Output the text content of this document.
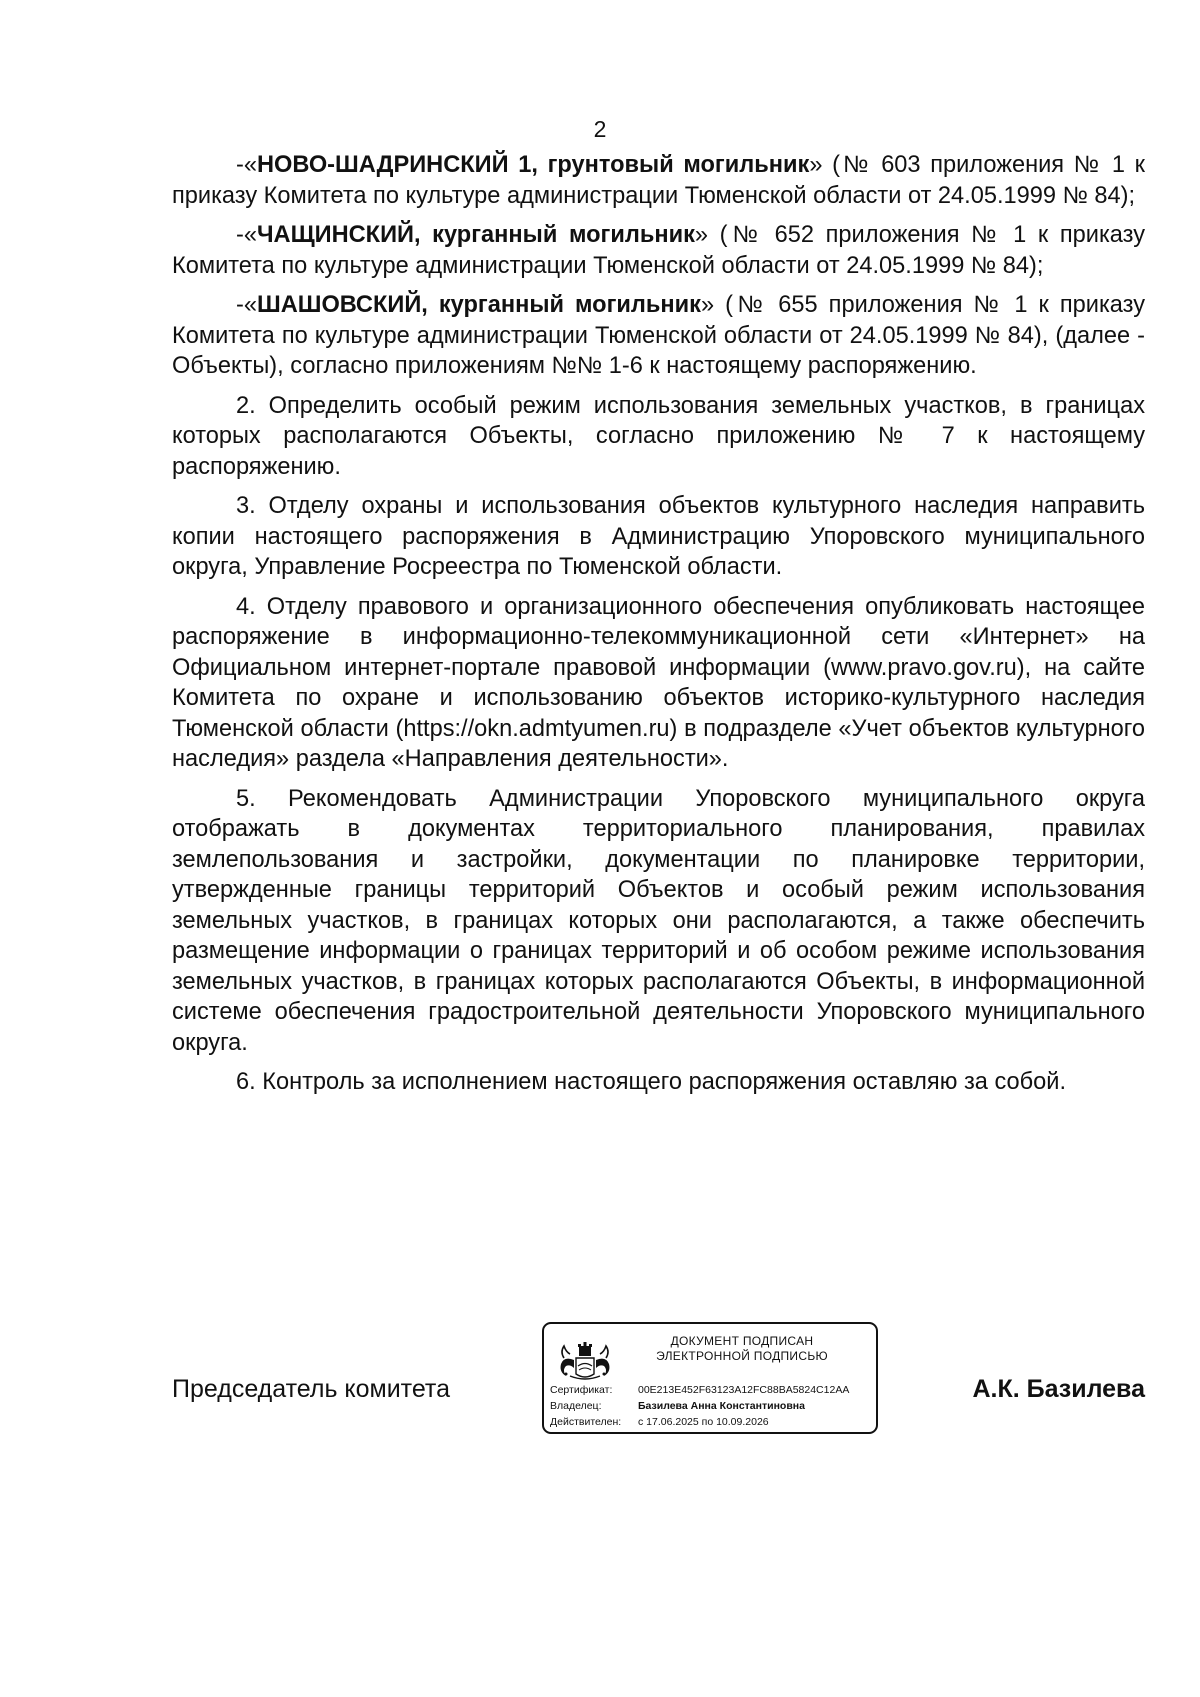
2

-«НОВО-ШАДРИНСКИЙ 1, грунтовый могильник» (№ 603 приложения № 1 к приказу Комитета по культуре администрации Тюменской области от 24.05.1999 № 84);

-«ЧАЩИНСКИЙ, курганный могильник» (№ 652 приложения № 1 к приказу Комитета по культуре администрации Тюменской области от 24.05.1999 № 84);

-«ШАШОВСКИЙ, курганный могильник» (№ 655 приложения № 1 к приказу Комитета по культуре администрации Тюменской области от 24.05.1999 № 84), (далее - Объекты), согласно приложениям №№ 1-6 к настоящему распоряжению.

2. Определить особый режим использования земельных участков, в границах которых располагаются Объекты, согласно приложению № 7 к настоящему распоряжению.

3. Отделу охраны и использования объектов культурного наследия направить копии настоящего распоряжения в Администрацию Упоровского муниципального округа, Управление Росреестра по Тюменской области.

4. Отделу правового и организационного обеспечения опубликовать настоящее распоряжение в информационно-телекоммуникационной сети «Интернет» на Официальном интернет-портале правовой информации (www.pravo.gov.ru), на сайте Комитета по охране и использованию объектов историко-культурного наследия Тюменской области (https://okn.admtyumen.ru) в подразделе «Учет объектов культурного наследия» раздела «Направления деятельности».

5. Рекомендовать Администрации Упоровского муниципального округа отображать в документах территориального планирования, правилах землепользования и застройки, документации по планировке территории, утвержденные границы территорий Объектов и особый режим использования земельных участков, в границах которых они располагаются, а также обеспечить размещение информации о границах территорий и об особом режиме использования земельных участков, в границах которых располагаются Объекты, в информационной системе обеспечения градостроительной деятельности Упоровского муниципального округа.

6. Контроль за исполнением настоящего распоряжения оставляю за собой.

Председатель комитета
ДОКУМЕНТ ПОДПИСАН
ЭЛЕКТРОННОЙ ПОДПИСЬЮ
Сертификат:	00E213E452F63123A12FC88BA5824C12AA
Владелец:	Базилева Анна Константиновна
Действителен:	с 17.06.2025 по 10.09.2026
А.К. Базилева
